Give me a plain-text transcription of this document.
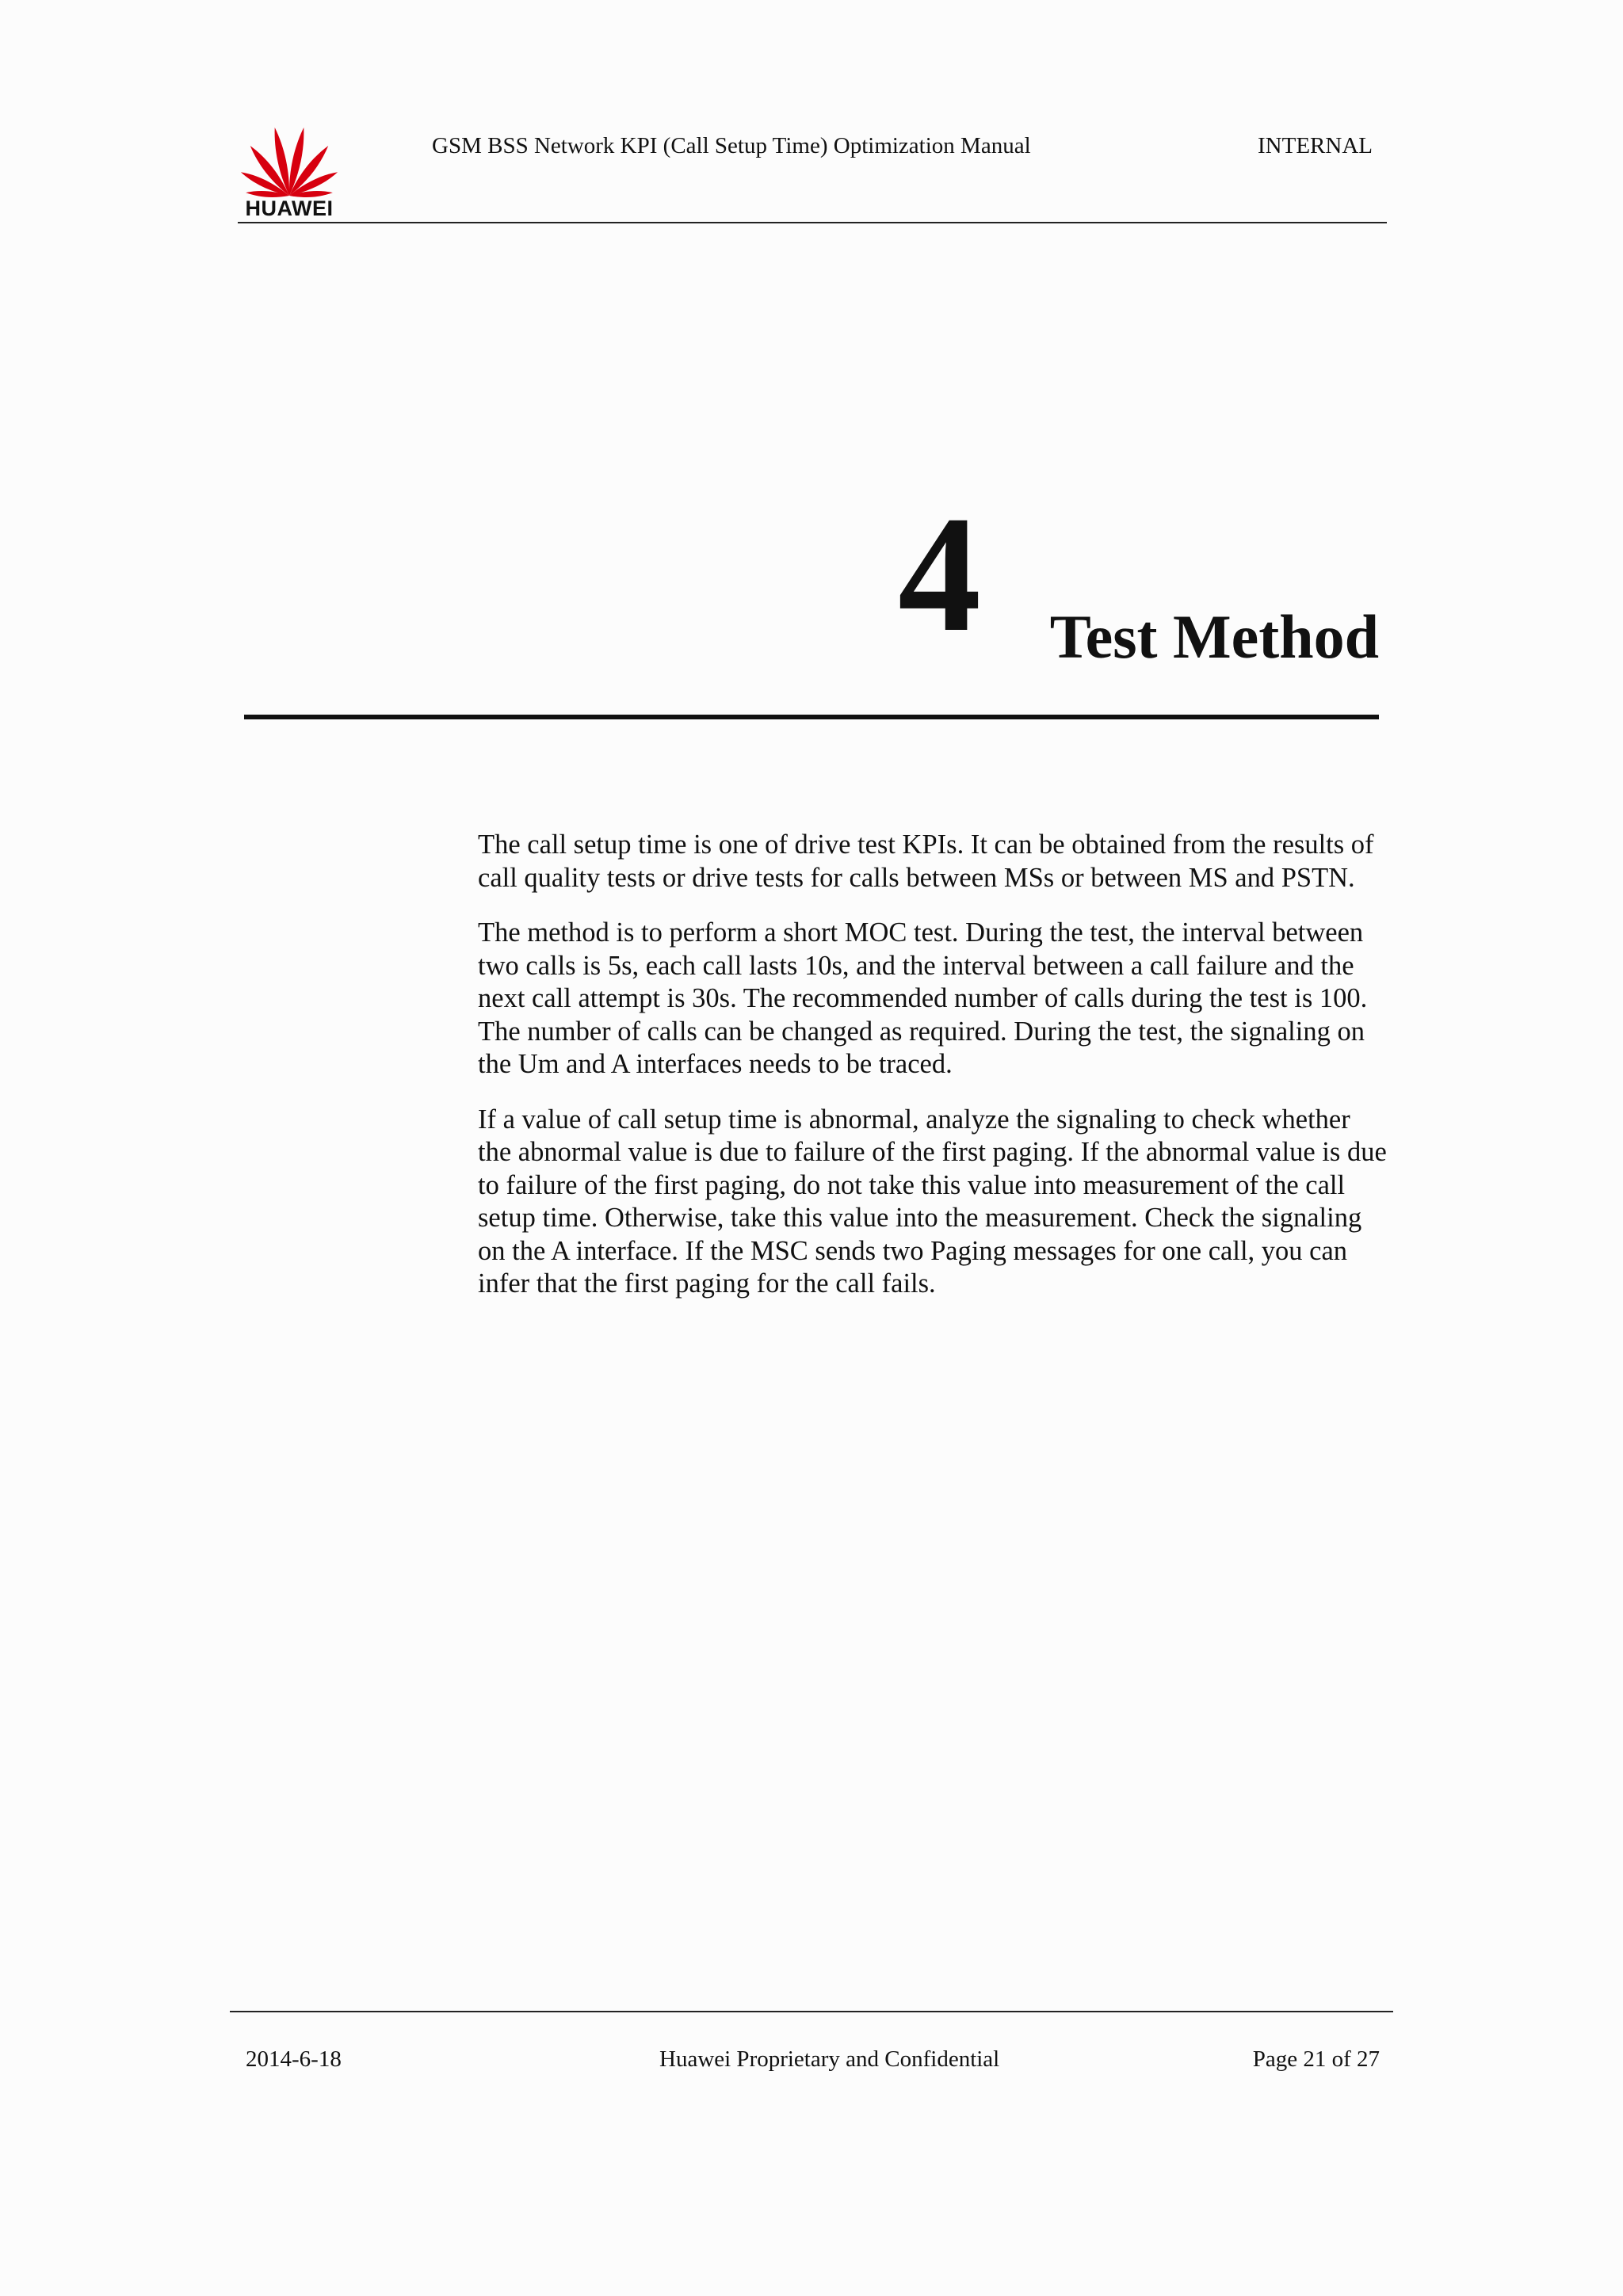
HUAWEI
GSM BSS Network KPI (Call Setup Time) Optimization Manual	INTERNAL
4 Test Method

The call setup time is one of drive test KPIs. It can be obtained from the results of call quality tests or drive tests for calls between MSs or between MS and PSTN.

The method is to perform a short MOC test. During the test, the interval between two calls is 5s, each call lasts 10s, and the interval between a call failure and the next call attempt is 30s. The recommended number of calls during the test is 100. The number of calls can be changed as required. During the test, the signaling on the Um and A interfaces needs to be traced.

If a value of call setup time is abnormal, analyze the signaling to check whether the abnormal value is due to failure of the first paging. If the abnormal value is due to failure of the first paging, do not take this value into measurement of the call setup time. Otherwise, take this value into the measurement. Check the signaling on the A interface. If the MSC sends two Paging messages for one call, you can infer that the first paging for the call fails.

2014-6-18	Huawei Proprietary and Confidential	Page 21 of 27
